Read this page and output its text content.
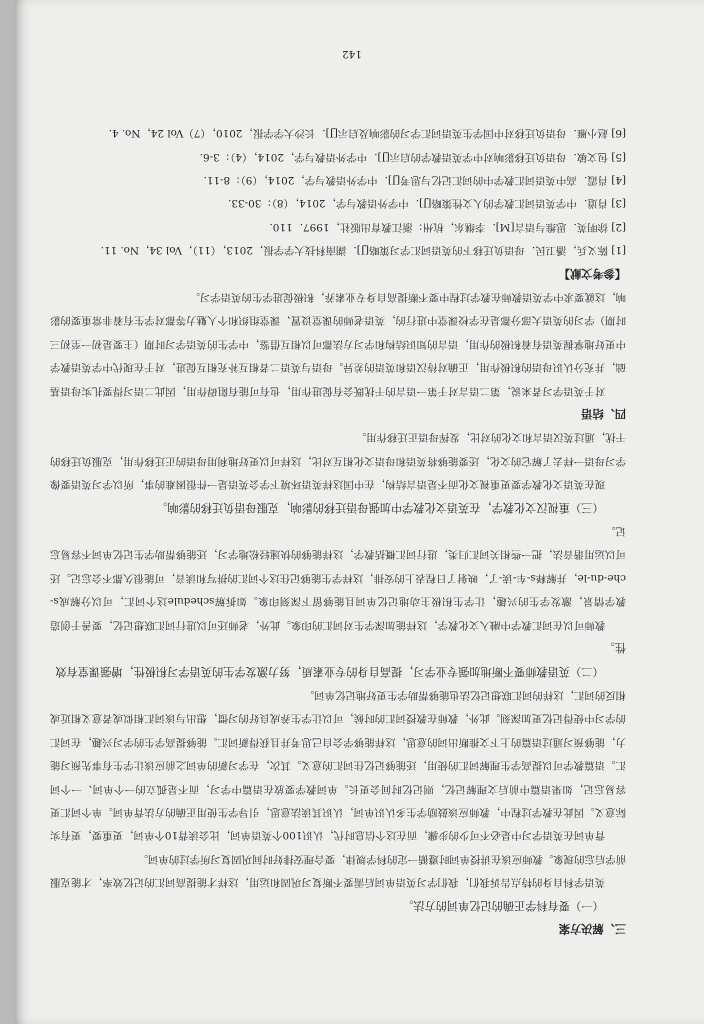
三、解决方案
（一）要有科学正确的记忆单词的方法。

英语学科自身的特点告诉我们，我们学习英语单词后需要不断复习巩固和运用，这样才能提高词汇的记忆效率，才能克服前学后忘的现象。教师应该在讲授单词时遵循一定的科学规律，要合理安排好时间巩固复习所学过的单词。

背单词在英语学习中是必不可少的步骤，而在这个信息时代，认识100个英语单词，比会读背10个单词，更重要，更有实际意义。因此在教学过程中，教师应该鼓励学生多认识单词，认识其读法意思，引导学生使用正确的方法背单词。单个词汇更容易忘记，如果语篇中前后文理解记忆，则记忆时间会更长。单词教学要放在语篇中学习，而不是孤立的一个单词、一个词汇。语篇教学可以提高学生理解词汇的使用，还能够记忆住词汇的意义。其次，在学习新的单词之前应该让学生有事先预习能力，能够预习通过语篇的上下文推断出词的意思，这样能够学会自己思考并且获得新词汇。能够提高学生的学习兴趣，在词汇的学习中使得记忆更加深刻。此外，教师在教授词汇的时候，可以让学生养成良好的习惯，想出与该词汇相似或者意义相近或相反的词汇，这样的词汇联想记忆法也能够帮助学生更好地记忆单词。

（二）英语教师要不断地加强专业学习，提高自身的专业素质，努力激发学生的英语学习积极性，增强课堂有效性。

教师可以在词汇教学中融入文化教学，这样能加深学生对词汇的印象。此外，老师还可以进行词汇联想记忆，要善于创造教学情景，激发学生的兴趣，让学生积极主动地记忆单词且能够留下深刻印象。如拆解schedule这个词汇，可以分解成s-che-du-le，并解释s-车-读-了，映射了日程表上的安排，这样学生能够记住这个词汇的拼写和读音，可能很久都不会忘记。还可以运用谐音法，把一些相关词汇归类，进行词汇概括教学，这样能够的快速轻松地学习，还能够帮助学生记忆单词不容易忘记。

（三）重视汉文化教学，在英语文化教学中加强母语迁移的影响，克服母语负迁移的影响。

现在英语文化教学要更重视文化而不是语言结构，在中国这样英语环境下学会英语是一件很困难的事，所以学习英语要像学习母语一样去了解它的文化，还要能够将英语和母语文化相互对比，这样可以更好地利用母语的正迁移作用，克服负迁移的干扰，通过英汉语言和文化的对比，发挥母语正迁移作用。

四、结语

对于英语学习者来说，第二语言对于第一语言的干扰既会有促进作用，也有可能有阻碍作用，因此二语习得要扎实母语基础，并充分认识母语的积极作用，正确对待汉语和英语的差异。母语与英语二者相互补充相互促进，对于在现代中学英语教学中更好地掌握英语有着积极的作用，语言的知识结构和学习方法都可以相互借鉴，中学生的英语学习时期（主要是初一至初三时期）学习的英语大部分都是在学校课堂中进行的，英语老师的课堂设置、课堂组织和个人魅力等都对学生有着非常重要的影响，这就要求中学英语教师在教学过程中要不断提高自身专业素养，积极促进学生的英语学习。

【参考文献】
[1] 陈义兵，潘卫民．母语负迁移下的英语词汇学习策略[J]．湖南科技大学学报，2013，（11），Vol 34，No. 11.
[2] 徐明英．思维与语言[M]．李继东，杭州：浙江教育出版社，1997．110．
[3] 肖道．中学英语词汇教学的人文性策略[J]．中学外语教与学，2014，（8）：30-33．
[4] 肖霞．高中英语词汇教学中的词汇记忆与思考[J]．中学外语教与学，2014，（9）：8-11．
[5] 包文敏．母语负迁移影响对中学英语教学的启示[J]．中学外语教与学，2014，（4）：3-6．
[6] 赵小雁．母语负迁移对中国学生英语词汇学习的影响及启示[J]．长沙大学学报，2010，（7）Vol 24，No. 4．
142
